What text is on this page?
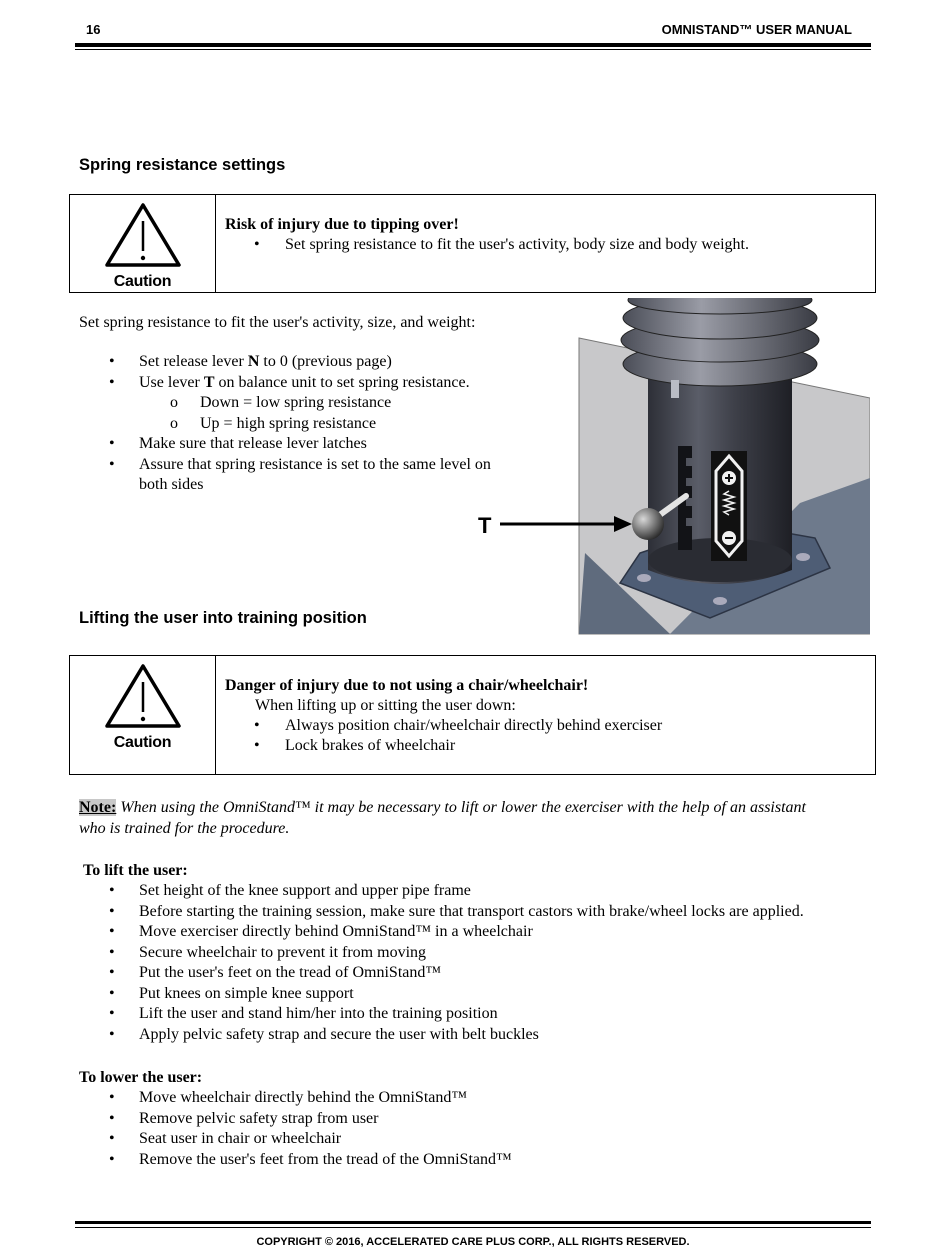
16	OMNISTAND™ USER MANUAL
Spring resistance settings
Caution
Risk of injury due to tipping over!
• Set spring resistance to fit the user's activity, body size and body weight.
Set spring resistance to fit the user's activity, size, and weight:
• Set release lever N to 0 (previous page)
• Use lever T on balance unit to set spring resistance.
o Down = low spring resistance
o Up = high spring resistance
• Make sure that release lever latches
• Assure that spring resistance is set to the same level on
both sides
T
Lifting the user into training position
Caution
Danger of injury due to not using a chair/wheelchair!
When lifting up or sitting the user down:
• Always position chair/wheelchair directly behind exerciser
• Lock brakes of wheelchair
Note: When using the OmniStand™ it may be necessary to lift or lower the exerciser with the help of an assistant
who is trained for the procedure.
To lift the user:
• Set height of the knee support and upper pipe frame
• Before starting the training session, make sure that transport castors with brake/wheel locks are applied.
• Move exerciser directly behind OmniStand™ in a wheelchair
• Secure wheelchair to prevent it from moving
• Put the user's feet on the tread of OmniStand™
• Put knees on simple knee support
• Lift the user and stand him/her into the training position
• Apply pelvic safety strap and secure the user with belt buckles
To lower the user:
• Move wheelchair directly behind the OmniStand™
• Remove pelvic safety strap from user
• Seat user in chair or wheelchair
• Remove the user's feet from the tread of the OmniStand™
COPYRIGHT © 2016, ACCELERATED CARE PLUS CORP., ALL RIGHTS RESERVED.
